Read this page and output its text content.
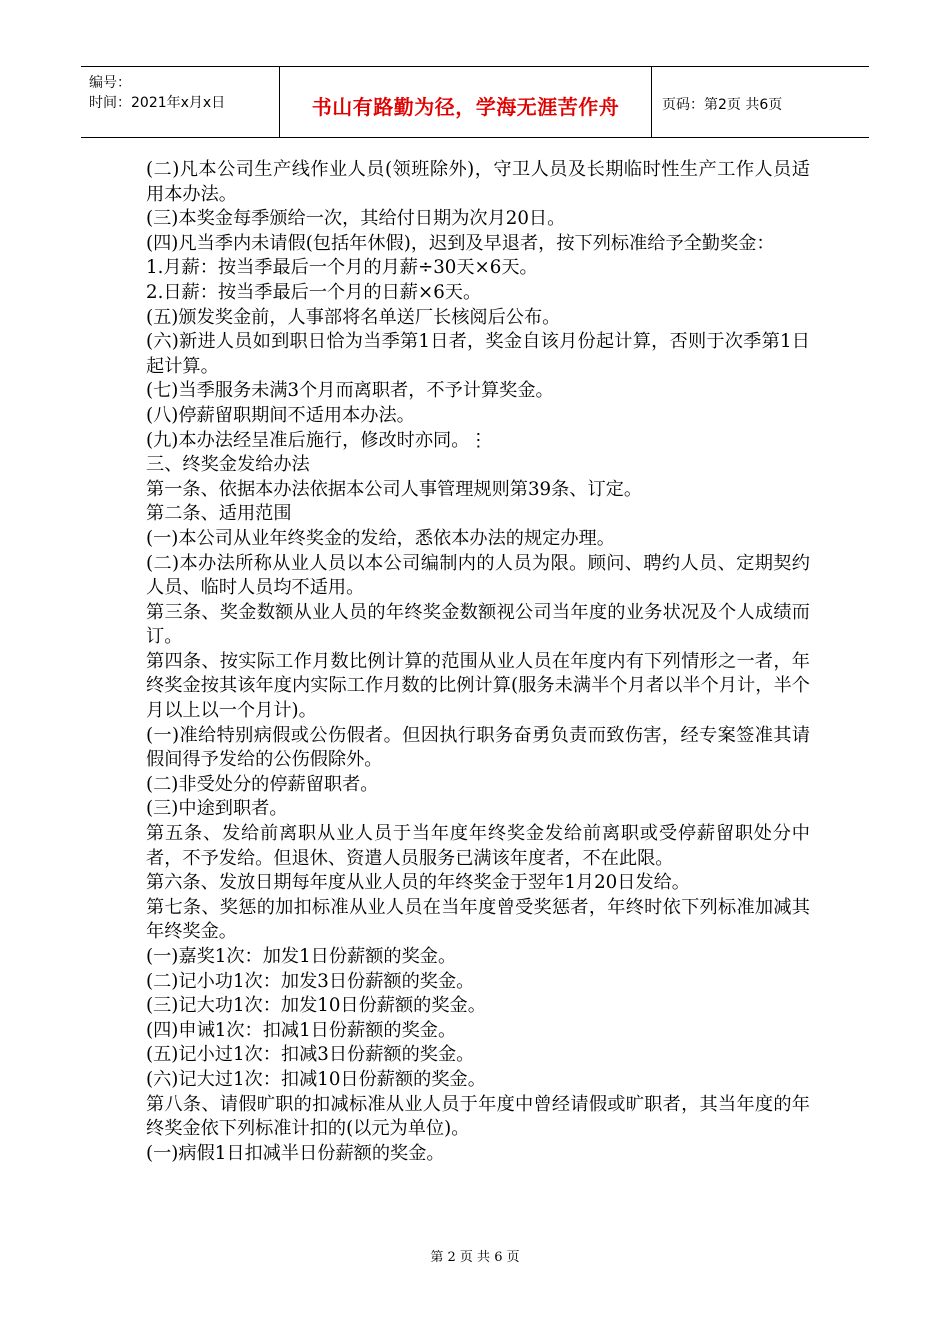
编号：
时间：2021年x月x日	书山有路勤为径，学海无涯苦作舟	页码：第2页 共6页

(二)凡本公司生产线作业人员(领班除外)，守卫人员及长期临时性生产工作人员适用本办法。

(三)本奖金每季颁给一次，其给付日期为次月20日。

(四)凡当季内未请假(包括年休假)，迟到及早退者，按下列标准给予全勤奖金：

1.月薪：按当季最后一个月的月薪÷30天×6天。

2.日薪：按当季最后一个月的日薪×6天。

(五)颁发奖金前，人事部将名单送厂长核阅后公布。

(六)新进人员如到职日恰为当季第1日者，奖金自该月份起计算，否则于次季第1日起计算。

(七)当季服务未满3个月而离职者，不予计算奖金。

(八)停薪留职期间不适用本办法。

(九)本办法经呈准后施行，修改时亦同。⋮

三、终奖金发给办法

第一条、依据本办法依据本公司人事管理规则第39条、订定。

第二条、适用范围

(一)本公司从业年终奖金的发给，悉依本办法的规定办理。

(二)本办法所称从业人员以本公司编制内的人员为限。顾问、聘约人员、定期契约人员、临时人员均不适用。

第三条、奖金数额从业人员的年终奖金数额视公司当年度的业务状况及个人成绩而订。

第四条、按实际工作月数比例计算的范围从业人员在年度内有下列情形之一者，年终奖金按其该年度内实际工作月数的比例计算(服务未满半个月者以半个月计，半个月以上以一个月计)。

(一)准给特别病假或公伤假者。但因执行职务奋勇负责而致伤害，经专案签准其请假间得予发给的公伤假除外。

(二)非受处分的停薪留职者。

(三)中途到职者。

第五条、发给前离职从业人员于当年度年终奖金发给前离职或受停薪留职处分中者，不予发给。但退休、资遣人员服务已满该年度者，不在此限。

第六条、发放日期每年度从业人员的年终奖金于翌年1月20日发给。

第七条、奖惩的加扣标准从业人员在当年度曾受奖惩者，年终时依下列标准加减其年终奖金。

(一)嘉奖1次：加发1日份薪额的奖金。

(二)记小功1次：加发3日份薪额的奖金。

(三)记大功1次：加发10日份薪额的奖金。

(四)申诫1次：扣减1日份薪额的奖金。

(五)记小过1次：扣减3日份薪额的奖金。

(六)记大过1次：扣减10日份薪额的奖金。

第八条、请假旷职的扣减标准从业人员于年度中曾经请假或旷职者，其当年度的年终奖金依下列标准计扣的(以元为单位)。

(一)病假1日扣减半日份薪额的奖金。

第 2 页 共 6 页
